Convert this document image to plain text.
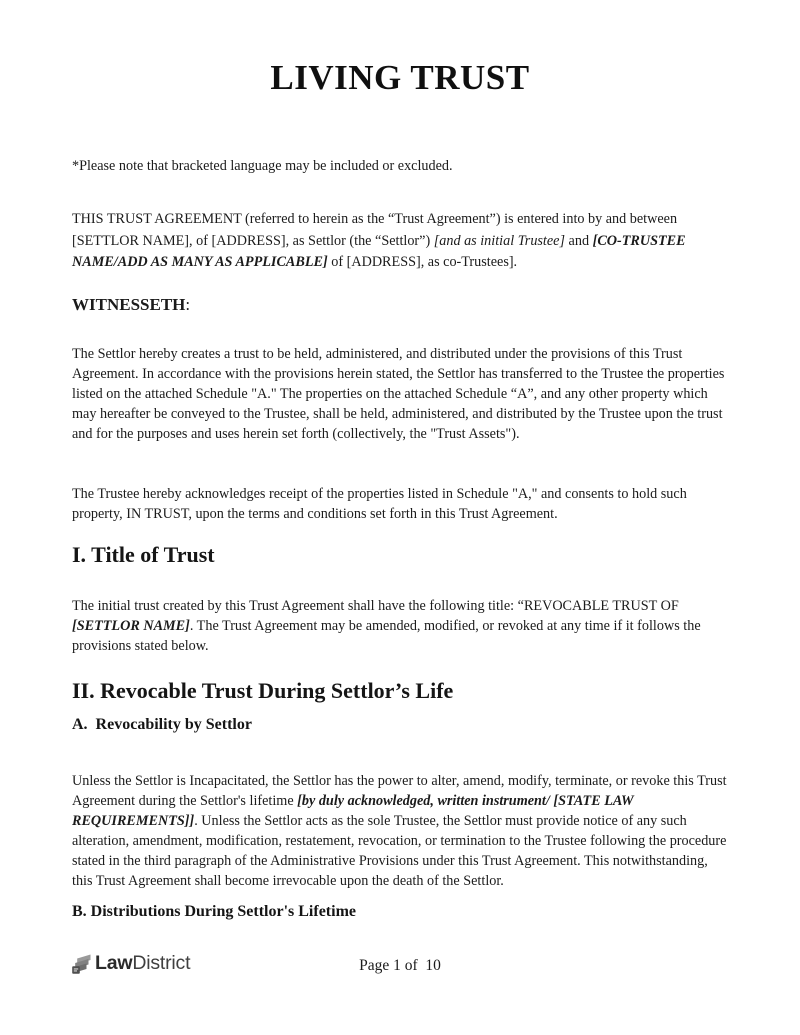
LIVING TRUST
*Please note that bracketed language may be included or excluded.

THIS TRUST AGREEMENT (referred to herein as the “Trust Agreement”) is entered into by and between [SETTLOR NAME], of [ADDRESS], as Settlor (the “Settlor”) [and as initial Trustee] and [CO-TRUSTEE NAME/ADD AS MANY AS APPLICABLE] of [ADDRESS], as co-Trustees].

WITNESSETH:

The Settlor hereby creates a trust to be held, administered, and distributed under the provisions of this Trust Agreement. In accordance with the provisions herein stated, the Settlor has transferred to the Trustee the properties listed on the attached Schedule "A." The properties on the attached Schedule “A”, and any other property which may hereafter be conveyed to the Trustee, shall be held, administered, and distributed by the Trustee upon the trust and for the purposes and uses herein set forth (collectively, the "Trust Assets").

The Trustee hereby acknowledges receipt of the properties listed in Schedule "A," and consents to hold such property, IN TRUST, upon the terms and conditions set forth in this Trust Agreement.

I. Title of Trust

The initial trust created by this Trust Agreement shall have the following title: “REVOCABLE TRUST OF [SETTLOR NAME]. The Trust Agreement may be amended, modified, or revoked at any time if it follows the provisions stated below.

II. Revocable Trust During Settlor’s Life
A.  Revocability by Settlor

Unless the Settlor is Incapacitated, the Settlor has the power to alter, amend, modify, terminate, or revoke this Trust Agreement during the Settlor's lifetime [by duly acknowledged, written instrument/ [STATE LAW REQUIREMENTS]]. Unless the Settlor acts as the sole Trustee, the Settlor must provide notice of any such alteration, amendment, modification, restatement, revocation, or termination to the Trustee following the procedure stated in the third paragraph of the Administrative Provisions under this Trust Agreement. This notwithstanding, this Trust Agreement shall become irrevocable upon the death of the Settlor.

B. Distributions During Settlor's Lifetime
LawDistrict	Page 1 of  10
